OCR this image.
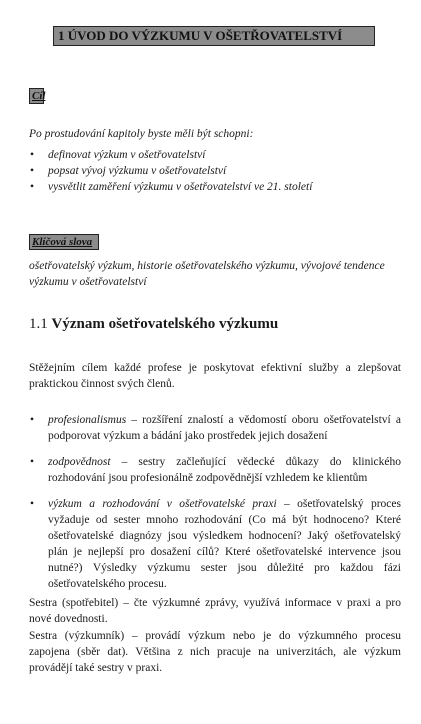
1 ÚVOD DO VÝZKUMU V OŠETŘOVATELSTVÍ
Cíl
Po prostudování kapitoly byste měli být schopni:
• definovat výzkum v ošetřovatelství
• popsat vývoj výzkumu v ošetřovatelství
• vysvětlit zaměření výzkumu v ošetřovatelství ve 21. století
Klíčová slova
ošetřovatelský výzkum, historie ošetřovatelského výzkumu, vývojové tendence výzkumu v ošetřovatelství
1.1 Význam ošetřovatelského výzkumu
Stěžejním cílem každé profese je poskytovat efektivní služby a zlepšovat praktickou činnost svých členů.
• profesionalismus – rozšíření znalostí a vědomostí oboru ošetřovatelství a podporovat výzkum a bádání jako prostředek jejich dosažení
• zodpovědnost – sestry začleňující vědecké důkazy do klinického rozhodování jsou profesionálně zodpovědnější vzhledem ke klientům
• výzkum a rozhodování v ošetřovatelské praxi – ošetřovatelský proces vyžaduje od sester mnoho rozhodování (Co má být hodnoceno? Které ošetřovatelské diagnózy jsou výsledkem hodnocení? Jaký ošetřovatelský plán je nejlepší pro dosažení cílů? Které ošetřovatelské intervence jsou nutné?) Výsledky výzkumu sester jsou důležité pro každou fázi ošetřovatelského procesu.
Sestra (spotřebitel) – čte výzkumné zprávy, využívá informace v praxi a pro nové dovednosti.
Sestra (výzkumník) – provádí výzkum nebo je do výzkumného procesu zapojena (sběr dat). Většina z nich pracuje na univerzitách, ale výzkum provádějí také sestry v praxi.
